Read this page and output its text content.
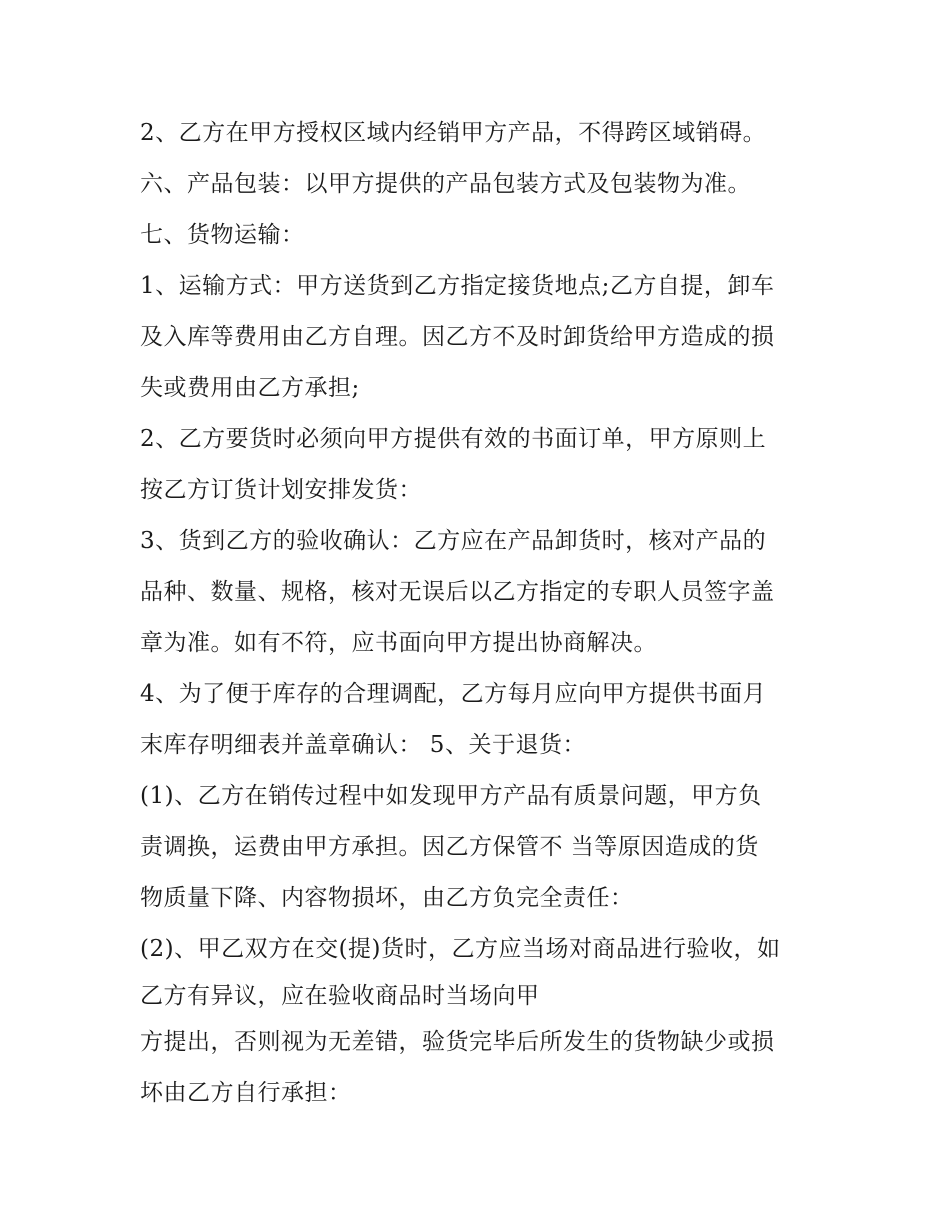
2、乙方在甲方授权区域内经销甲方产品，不得跨区域销碍。
六、产品包装：以甲方提供的产品包装方式及包装物为准。
七、货物运输：
1、运输方式：甲方送货到乙方指定接货地点;乙方自提，卸车
及入库等费用由乙方自理。因乙方不及时卸货给甲方造成的损
失或费用由乙方承担;
2、乙方要货时必须向甲方提供有效的书面订单，甲方原则上
按乙方订货计划安排发货：
3、货到乙方的验收确认：乙方应在产品卸货时，核对产品的
品种、数量、规格，核对无误后以乙方指定的专职人员签字盖
章为准。如有不符，应书面向甲方提出协商解决。
4、为了便于库存的合理调配，乙方每月应向甲方提供书面月
末库存明细表并盖章确认： 5、关于退货：
(1)、乙方在销传过程中如发现甲方产品有质景问题，甲方负
责调换，运费由甲方承担。因乙方保管不 当等原因造成的货
物质量下降、内容物损坏，由乙方负完全责任：
(2)、甲乙双方在交(提)货时，乙方应当场对商品进行验收，如
乙方有异议，应在验收商品时当场向甲
方提出，否则视为无差错，验货完毕后所发生的货物缺少或损
坏由乙方自行承担：
